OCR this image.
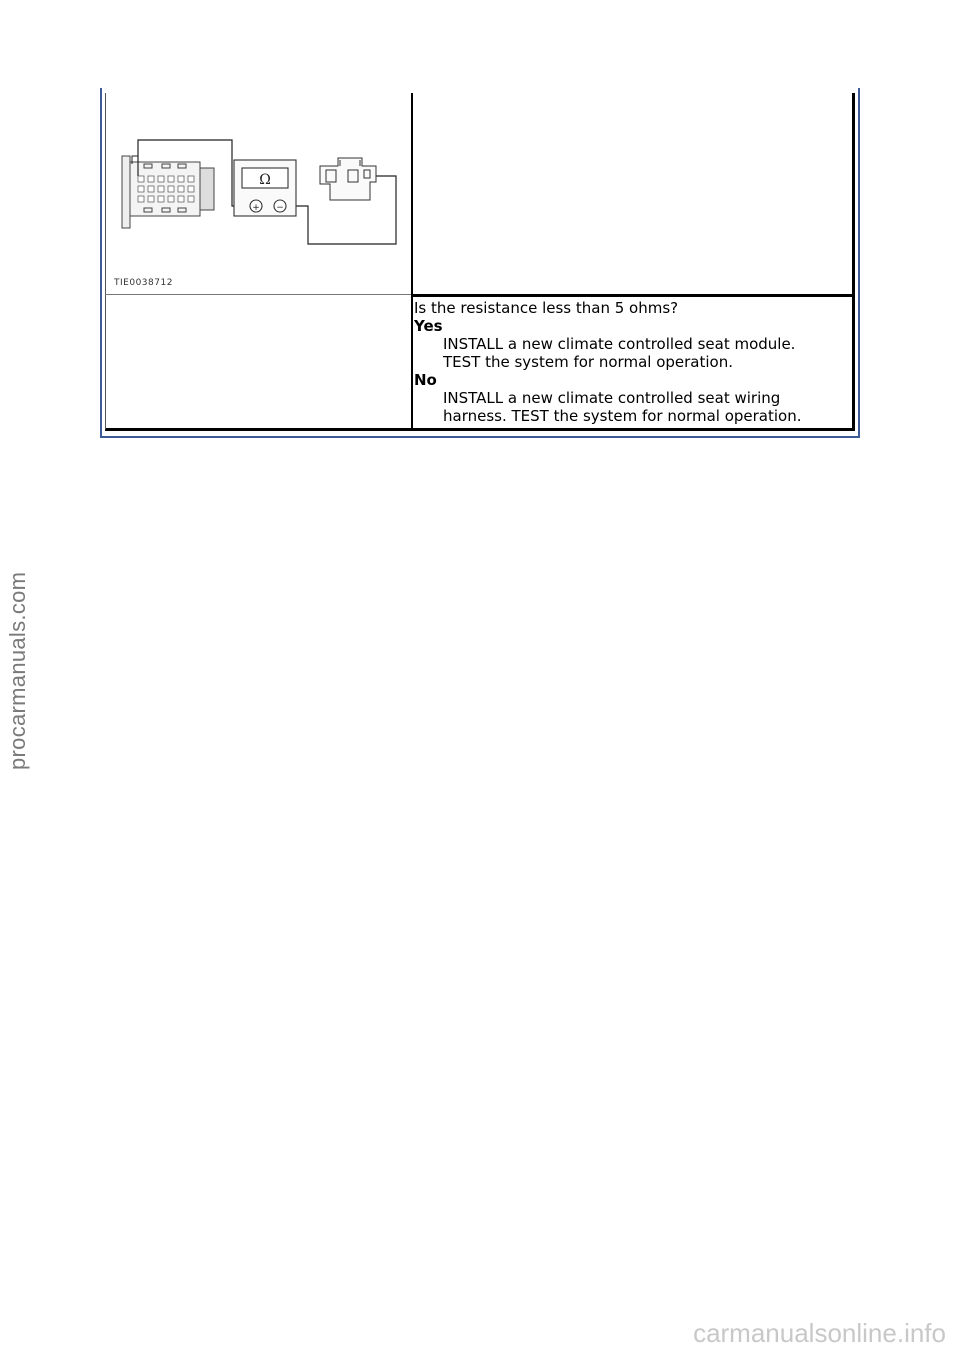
Ω
+ −
TIE0038712

Is the resistance less than 5 ohms?

Yes

INSTALL a new climate controlled seat module.

TEST the system for normal operation.

No

INSTALL a new climate controlled seat wiring

harness. TEST the system for normal operation.

procarmanuals.com
carmanualsonline.info
